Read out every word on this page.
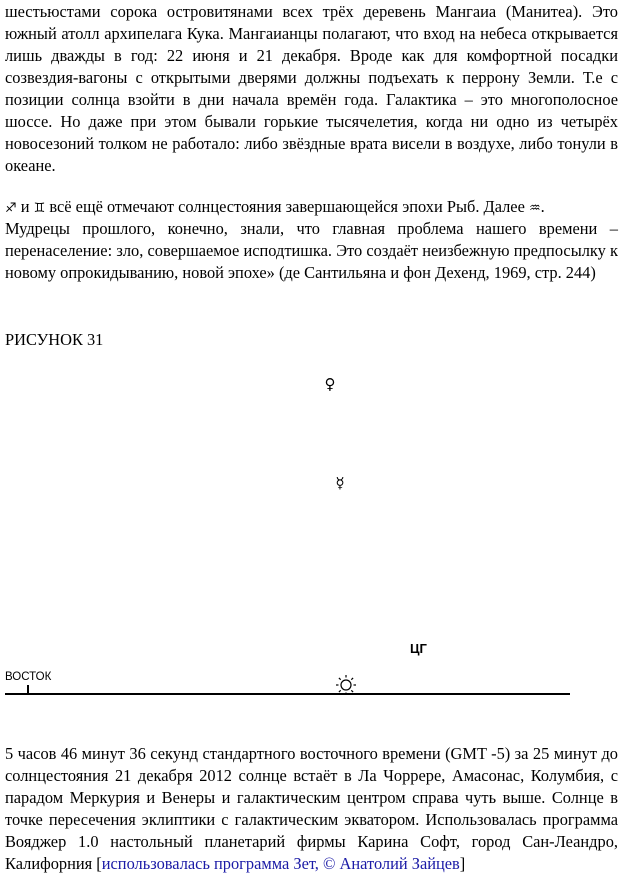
шестьюстами сорока островитянами всех трёх деревень Мангаиа (Манитеа). Это южный атолл архипелага Кука. Мангаианцы полагают, что вход на небеса открывается лишь дважды в год: 22 июня и 21 декабря. Вроде как для комфортной посадки созвездия-вагоны с открытыми дверями должны подъехать к перрону Земли. Т.е с позиции солнца взойти в дни начала времён года. Галактика – это многополосное шоссе. Но даже при этом бывали горькие тысячелетия, когда ни одно из четырёх новосезоний толком не работало: либо звёздные врата висели в воздухе, либо тонули в океане.

♐ и ♊ всё ещё отмечают солнцестояния завершающейся эпохи Рыб. Далее ♒.

Мудрецы прошлого, конечно, знали, что главная проблема нашего времени – перенаселение: зло, совершаемое исподтишка. Это создаёт неизбежную предпосылку к новому опрокидыванию, новой эпохе» (де Сантильяна и фон Дехенд, 1969, стр. 244)

РИСУНОК 31

♀
☿
ЦГ
ВОСТОК

5 часов 46 минут 36 секунд стандартного восточного времени (GMT -5) за 25 минут до солнцестояния 21 декабря 2012 солнце встаёт в Ла Чоррере, Амасонас, Колумбия, с парадом Меркурия и Венеры и галактическим центром справа чуть выше. Солнце в точке пересечения эклиптики с галактическим экватором. Использовалась программа Вояджер 1.0 настольный планетарий фирмы Карина Софт, город Сан-Леандро, Калифорния [использовалась программа Зет, © Анатолий Зайцев]
